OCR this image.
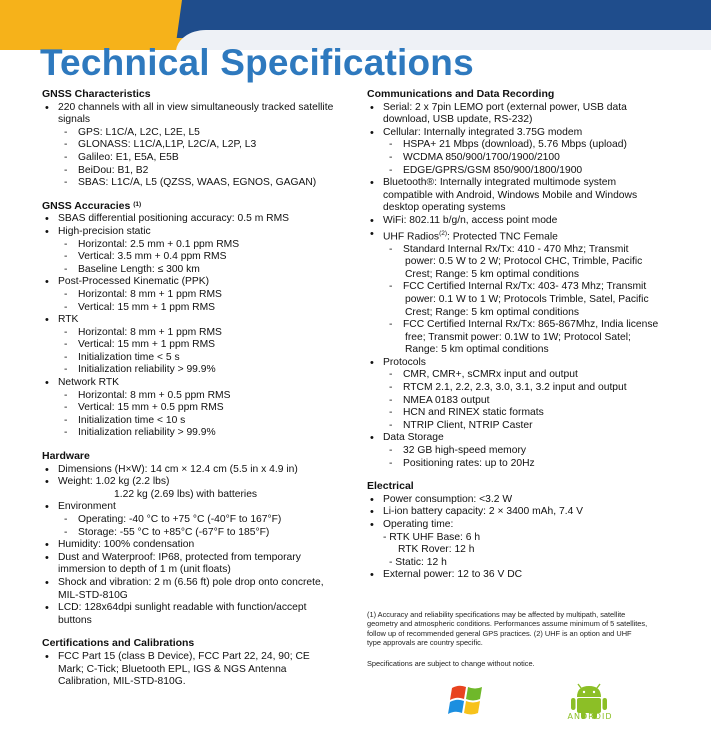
Technical Specifications
GNSS Characteristics
• 220 channels with all in view simultaneously tracked satellite
signals
- GPS: L1C/A, L2C, L2E, L5
- GLONASS: L1C/A,L1P, L2C/A, L2P, L3
- Galileo: E1, E5A, E5B
- BeiDou: B1, B2
- SBAS: L1C/A, L5 (QZSS, WAAS, EGNOS, GAGAN)
GNSS Accuracies $^{(1)}$
• SBAS differential positioning accuracy: 0.5 m RMS
• High-precision static
- Horizontal: 2.5 mm + 0.1 ppm RMS
- Vertical: 3.5 mm + 0.4 ppm RMS
- Baseline Length: ≤ 300 km
• Post-Processed Kinematic (PPK)
- Horizontal: 8 mm + 1 ppm RMS
- Vertical: 15 mm + 1 ppm RMS
• RTK
- Horizontal: 8 mm + 1 ppm RMS
- Vertical: 15 mm + 1 ppm RMS
- Initialization time < 5 s
- Initialization reliability > 99.9%
• Network RTK
- Horizontal: 8 mm + 0.5 ppm RMS
- Vertical: 15 mm + 0.5 ppm RMS
- Initialization time < 10 s
- Initialization reliability > 99.9%
Hardware
• Dimensions (H×W): 14 cm × 12.4 cm (5.5 in x 4.9 in)
• Weight: 1.02 kg (2.2 lbs)
1.22 kg (2.69 lbs) with batteries
• Environment
- Operating: -40 °C to +75 °C (-40°F to 167°F)
- Storage: -55 °C to +85°C (-67°F to 185°F)
• Humidity: 100% condensation
• Dust and Waterproof: IP68, protected from temporary
immersion to depth of 1 m (unit floats)
• Shock and vibration: 2 m (6.56 ft) pole drop onto concrete,
MIL-STD-810G
• LCD: 128x64dpi sunlight readable with function/accept
buttons
Certifications and Calibrations
• FCC Part 15 (class B Device), FCC Part 22, 24, 90; CE
Mark; C-Tick; Bluetooth EPL, IGS & NGS Antenna
Calibration, MIL-STD-810G.
Communications and Data Recording
• Serial: 2 x 7pin LEMO port (external power, USB data
download, USB update, RS-232)
• Cellular: Internally integrated 3.75G modem
- HSPA+ 21 Mbps (download), 5.76 Mbps (upload)
- WCDMA 850/900/1700/1900/2100
- EDGE/GPRS/GSM 850/900/1800/1900
• Bluetooth®: Internally integrated multimode system
compatible with Android, Windows Mobile and Windows
desktop operating systems
• WiFi: 802.11 b/g/n, access point mode
• UHF Radios$^{(2)}$: Protected TNC Female
- Standard Internal Rx/Tx: 410 - 470 Mhz; Transmit
power: 0.5 W to 2 W; Protocol CHC, Trimble, Pacific
Crest; Range: 5 km optimal conditions
- FCC Certified Internal Rx/Tx: 403- 473 Mhz; Transmit
power: 0.1 W to 1 W; Protocols Trimble, Satel, Pacific
Crest; Range: 5 km optimal conditions
- FCC Certified Internal Rx/Tx: 865-867Mhz, India license
free; Transmit power: 0.1W to 1W; Protocol Satel;
Range: 5 km optimal conditions
• Protocols
- CMR, CMR+, sCMRx input and output
- RTCM 2.1, 2.2, 2.3, 3.0, 3.1, 3.2 input and output
- NMEA 0183 output
- HCN and RINEX static formats
- NTRIP Client, NTRIP Caster
• Data Storage
- 32 GB high-speed memory
- Positioning rates: up to 20Hz
Electrical
• Power consumption: <3.2 W
• Li-ion battery capacity: 2 × 3400 mAh, 7.4 V
• Operating time:
- RTK UHF Base: 6 h
RTK Rover: 12 h
- Static: 12 h
• External power: 12 to 36 V DC
(1) Accuracy and reliability specifications may be affected by multipath, satellite
geometry and atmospheric conditions. Performances assume minimum of 5 satellites,
follow up of recommended general GPS practices. (2) UHF is an option and UHF
type approvals are country specific.
Specifications are subject to change without notice.
ANDROID
